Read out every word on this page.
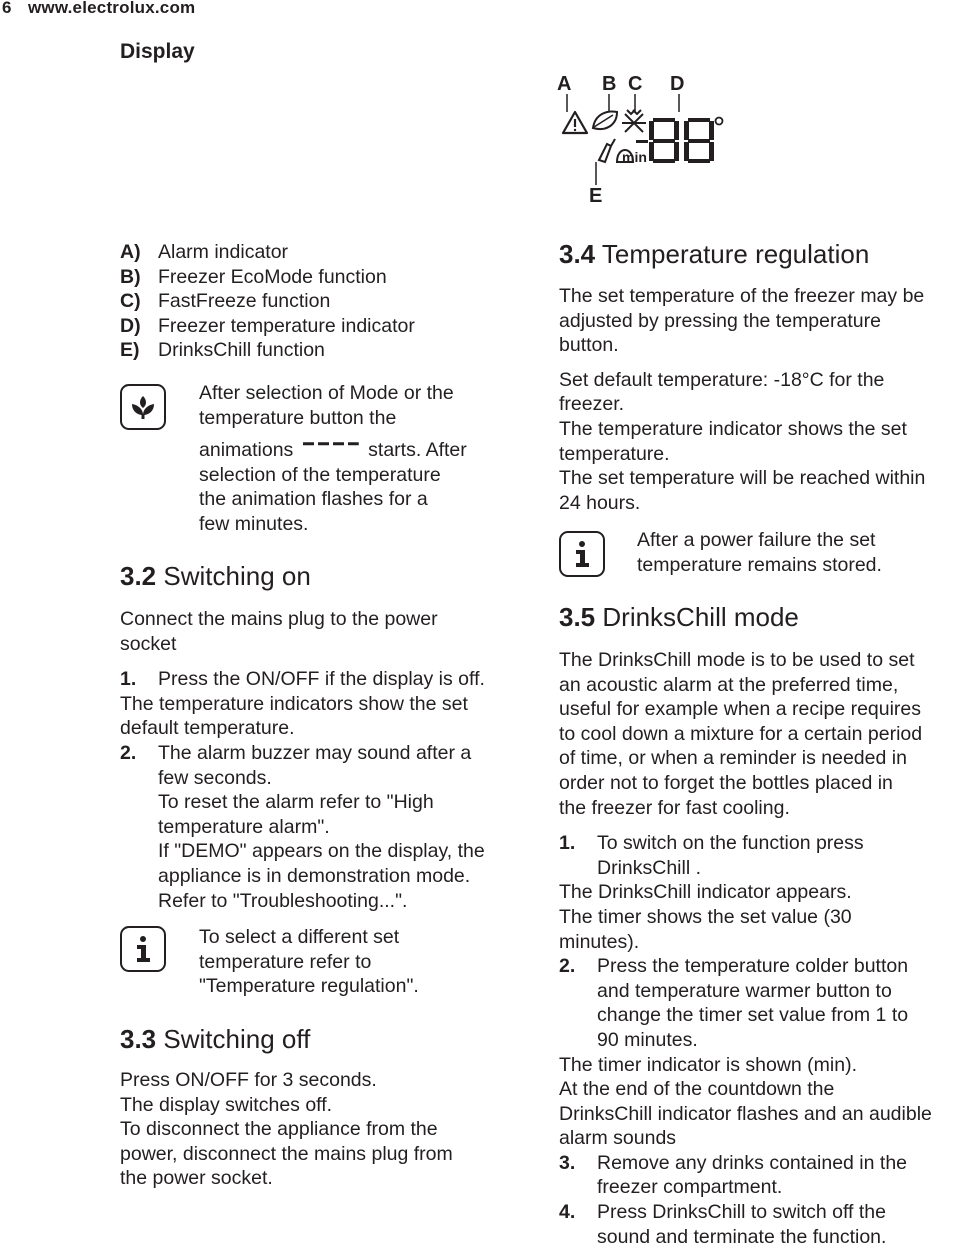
6 www.electrolux.com
Display
A B C D
E
min
A) Alarm indicator
B) Freezer EcoMode function
C) FastFreeze function
D) Freezer temperature indicator
E) DrinksChill function
After selection of Mode or the
temperature button the
animations	starts. After
selection of the temperature
the animation flashes for a
few minutes.
3.2 Switching on
Connect the mains plug to the power
socket
1. Press the ON/OFF if the display is off.
The temperature indicators show the set
default temperature.
2. The alarm buzzer may sound after a
few seconds.
To reset the alarm refer to "High
temperature alarm".
If "DEMO" appears on the display, the
appliance is in demonstration mode.
Refer to "Troubleshooting...".
To select a different set
temperature refer to
"Temperature regulation".
3.3 Switching off
Press ON/OFF for 3 seconds.
The display switches off.
To disconnect the appliance from the
power, disconnect the mains plug from
the power socket.
3.4 Temperature regulation
The set temperature of the freezer may be
adjusted by pressing the temperature
button.
Set default temperature: -18°C for the
freezer.
The temperature indicator shows the set
temperature.
The set temperature will be reached within
24 hours.
After a power failure the set
temperature remains stored.
3.5 DrinksChill mode
The DrinksChill mode is to be used to set
an acoustic alarm at the preferred time,
useful for example when a recipe requires
to cool down a mixture for a certain period
of time, or when a reminder is needed in
order not to forget the bottles placed in
the freezer for fast cooling.
1. To switch on the function press
DrinksChill .
The DrinksChill indicator appears.
The timer shows the set value (30
minutes).
2. Press the temperature colder button
and temperature warmer button to
change the timer set value from 1 to
90 minutes.
The timer indicator is shown (min).
At the end of the countdown the
DrinksChill indicator flashes and an audible
alarm sounds
3. Remove any drinks contained in the
freezer compartment.
4. Press DrinksChill to switch off the
sound and terminate the function.
